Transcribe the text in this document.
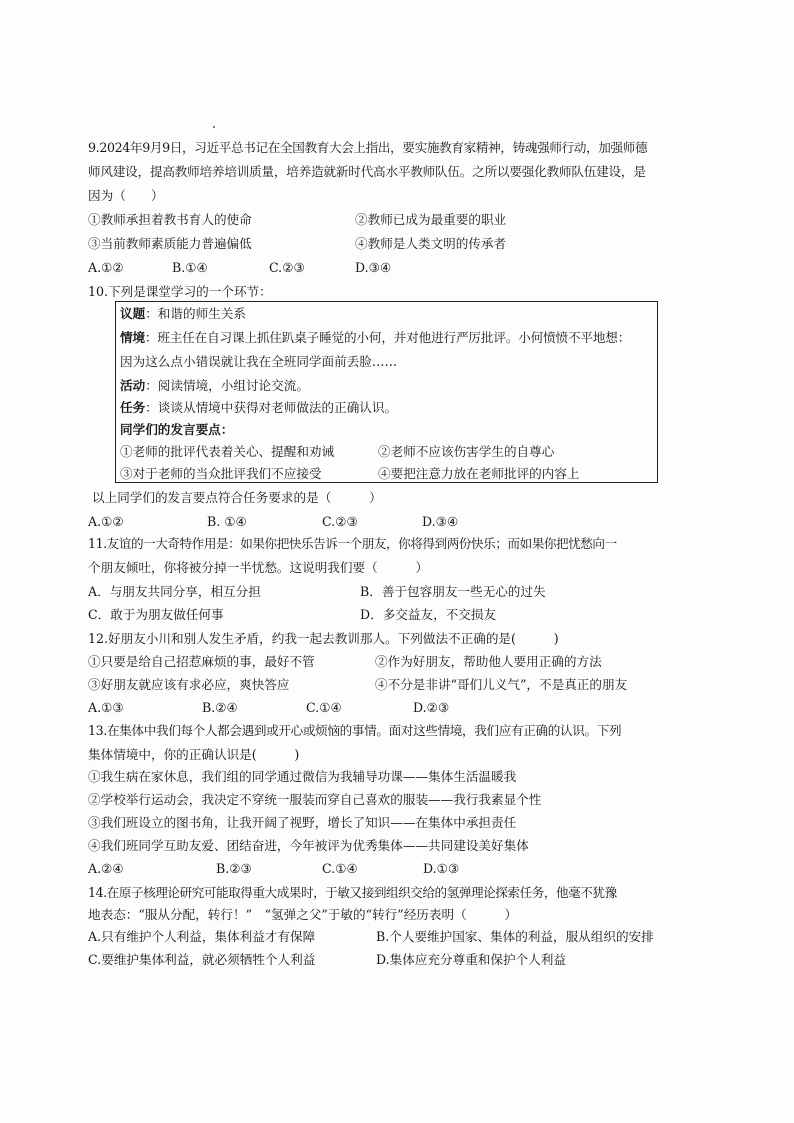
9.2024年9月9日，习近平总书记在全国教育大会上指出，要实施教育家精神，铸魂强师行动，加强师德
师风建设，提高教师培养培训质量，培养造就新时代高水平教师队伍。之所以要强化教师队伍建设，是
因为（　　）
①教师承担着教书育人的使命	②教师已成为最重要的职业
③当前教师素质能力普遍偏低	④教师是人类文明的传承者
A.①②	B.①④	C.②③	D.③④
10.下列是课堂学习的一个环节：
议题：和谐的师生关系
情境：班主任在自习课上抓住趴桌子睡觉的小何，并对他进行严厉批评。小何愤愤不平地想：
因为这么点小错误就让我在全班同学面前丢脸……
活动：阅读情境，小组讨论交流。
任务：谈谈从情境中获得对老师做法的正确认识。
同学们的发言要点：
①老师的批评代表着关心、提醒和劝诫	②老师不应该伤害学生的自尊心
③对于老师的当众批评我们不应接受	④要把注意力放在老师批评的内容上
以上同学们的发言要点符合任务要求的是（　　　）
A.①②	B. ①④	C.②③	D.③④
11.友谊的一大奇特作用是：如果你把快乐告诉一个朋友，你将得到两份快乐；而如果你把忧愁向一
个朋友倾吐，你将被分掉一半忧愁。这说明我们要（　　　）
A．与朋友共同分享，相互分担	B．善于包容朋友一些无心的过失
C．敢于为朋友做任何事	D．多交益友，不交损友
12.好朋友小川和别人发生矛盾，约我一起去教训那人。下列做法不正确的是(　　　)
①只要是给自己招惹麻烦的事，最好不管	②作为好朋友，帮助他人要用正确的方法
③好朋友就应该有求必应，爽快答应	④不分是非讲“哥们儿义气”，不是真正的朋友
A.①③	B.②④	C.①④	D.②③
13.在集体中我们每个人都会遇到或开心或烦恼的事情。面对这些情境，我们应有正确的认识。下列
集体情境中，你的正确认识是(　　　)
①我生病在家休息，我们组的同学通过微信为我辅导功课——集体生活温暖我
②学校举行运动会，我决定不穿统一服装而穿自己喜欢的服装——我行我素显个性
③我们班设立的图书角，让我开阔了视野，增长了知识——在集体中承担责任
④我们班同学互助友爱、团结奋进，今年被评为优秀集体——共同建设美好集体
A.②④	B.②③	C.①④	D.①③
14.在原子核理论研究可能取得重大成果时，于敏又接到组织交给的氢弹理论探索任务，他毫不犹豫
地表态：“服从分配，转行！”　“氢弹之父”于敏的“转行”经历表明（　　　）
A.只有维护个人利益，集体利益才有保障	B.个人要维护国家、集体的利益，服从组织的安排
C.要维护集体利益，就必须牺牲个人利益	D.集体应充分尊重和保护个人利益
